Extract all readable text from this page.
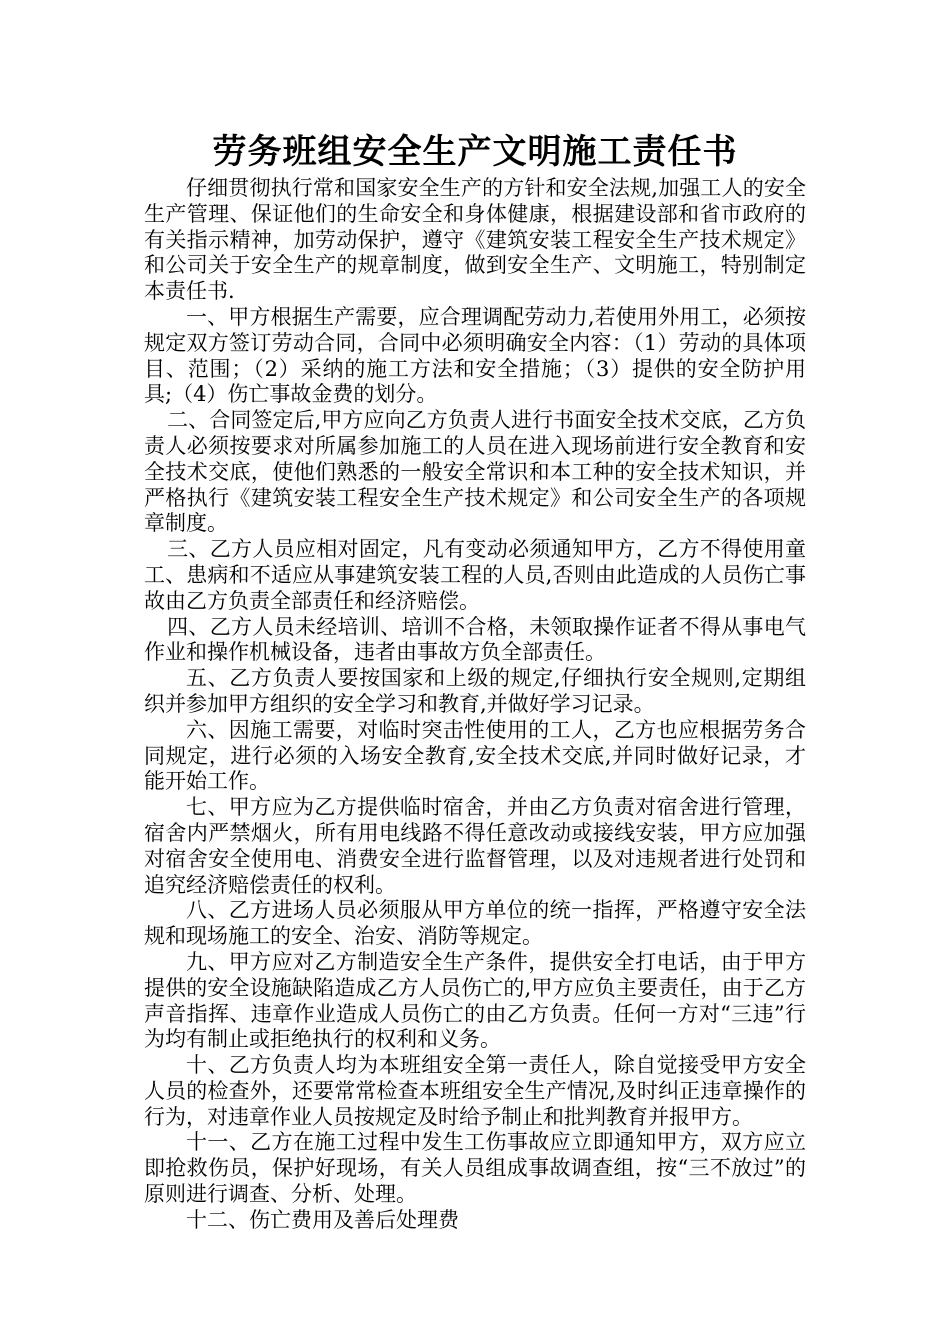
劳务班组安全生产文明施工责任书

仔细贯彻执行常和国家安全生产的方针和安全法规,加强工人的安全生产管理、保证他们的生命安全和身体健康，根据建设部和省市政府的有关指示精神，加劳动保护，遵守《建筑安装工程安全生产技术规定》和公司关于安全生产的规章制度，做到安全生产、文明施工，特别制定本责任书.

一、甲方根据生产需要，应合理调配劳动力,若使用外用工，必须按规定双方签订劳动合同，合同中必须明确安全内容：（1）劳动的具体项目、范围；（2）采纳的施工方法和安全措施；（3）提供的安全防护用具;（4）伤亡事故金费的划分。

二、合同签定后,甲方应向乙方负责人进行书面安全技术交底，乙方负责人必须按要求对所属参加施工的人员在进入现场前进行安全教育和安全技术交底，使他们熟悉的一般安全常识和本工种的安全技术知识，并严格执行《建筑安装工程安全生产技术规定》和公司安全生产的各项规章制度。

三、乙方人员应相对固定，凡有变动必须通知甲方，乙方不得使用童工、患病和不适应从事建筑安装工程的人员,否则由此造成的人员伤亡事故由乙方负责全部责任和经济赔偿。

四、乙方人员未经培训、培训不合格，未领取操作证者不得从事电气作业和操作机械设备，违者由事故方负全部责任。

五、乙方负责人要按国家和上级的规定,仔细执行安全规则,定期组织并参加甲方组织的安全学习和教育,并做好学习记录。

六、因施工需要，对临时突击性使用的工人，乙方也应根据劳务合同规定，进行必须的入场安全教育,安全技术交底,并同时做好记录，才能开始工作。

七、甲方应为乙方提供临时宿舍，并由乙方负责对宿舍进行管理，宿舍内严禁烟火，所有用电线路不得任意改动或接线安装，甲方应加强对宿舍安全使用电、消费安全进行监督管理，以及对违规者进行处罚和追究经济赔偿责任的权利。

八、乙方进场人员必须服从甲方单位的统一指挥，严格遵守安全法规和现场施工的安全、治安、消防等规定。

九、甲方应对乙方制造安全生产条件，提供安全打电话，由于甲方提供的安全设施缺陷造成乙方人员伤亡的,甲方应负主要责任，由于乙方声音指挥、违章作业造成人员伤亡的由乙方负责。任何一方对“三违”行为均有制止或拒绝执行的权利和义务。

十、乙方负责人均为本班组安全第一责任人，除自觉接受甲方安全人员的检查外，还要常常检查本班组安全生产情况,及时纠正违章操作的行为，对违章作业人员按规定及时给予制止和批判教育并报甲方。

十一、乙方在施工过程中发生工伤事故应立即通知甲方，双方应立即抢救伤员，保护好现场，有关人员组成事故调查组，按“三不放过”的原则进行调查、分析、处理。

十二、伤亡费用及善后处理费
